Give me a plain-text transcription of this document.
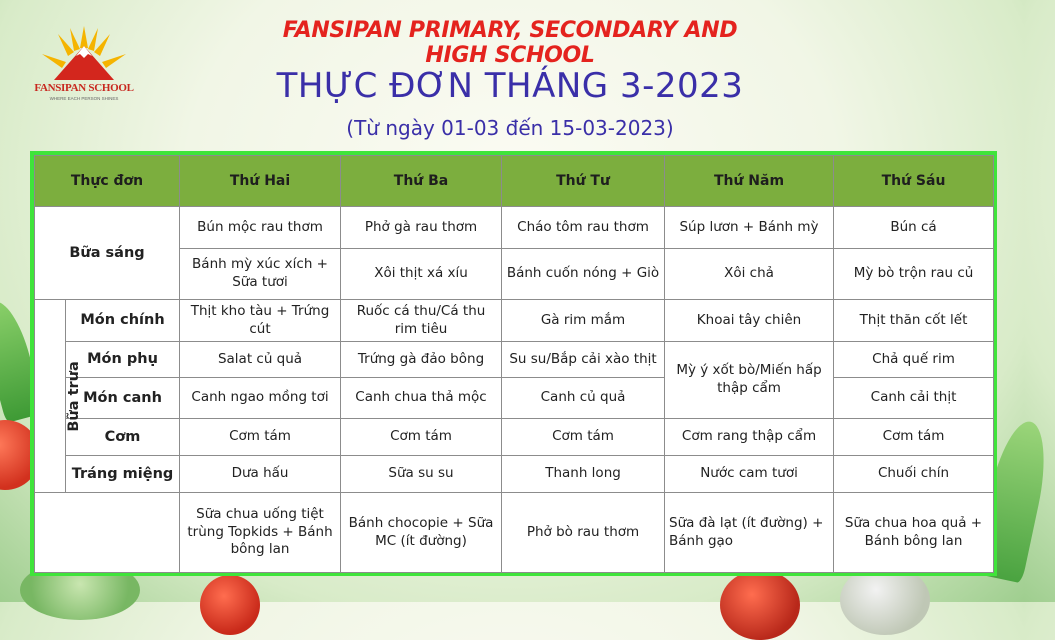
FANSIPAN SCHOOL
WHERE EACH PERSON SHINES
FANSIPAN PRIMARY, SECONDARY AND HIGH SCHOOL
THỰC ĐƠN THÁNG 3-2023
(Từ ngày 01-03 đến 15-03-2023)
Thực đơn		Thứ Hai	Thứ Ba	Thứ Tư	Thứ Năm	Thứ Sáu
Bữa sáng		Bún mộc rau thơm	Phở gà rau thơm	Cháo tôm rau thơm	Súp lươn + Bánh mỳ	Bún cá
		Bánh mỳ xúc xích + Sữa tươi	Xôi thịt xá xíu	Bánh cuốn nóng + Giò	Xôi chả	Mỳ bò trộn rau củ
Bữa trưa	Món chính	Thịt kho tàu + Trứng cút	Ruốc cá thu/Cá thu rim tiêu	Gà rim mắm	Khoai tây chiên	Thịt thăn cốt lết
	Món phụ	Salat củ quả	Trứng gà đảo bông	Su su/Bắp cải xào thịt	Mỳ ý xốt bò/Miến hấp thập cẩm	Chả quế rim
	Món canh	Canh ngao mồng tơi	Canh chua thả mộc	Canh củ quả		Canh cải thịt
	Cơm	Cơm tám	Cơm tám	Cơm tám	Cơm rang thập cẩm	Cơm tám
	Tráng miệng	Dưa hấu	Sữa su su	Thanh long	Nước cam tươi	Chuối chín
		Sữa chua uống tiệt trùng Topkids + Bánh bông lan	Bánh chocopie + Sữa MC (ít đường)	Phở bò rau thơm	Sữa đà lạt (ít đường) + Bánh gạo	Sữa chua hoa quả + Bánh bông lan
